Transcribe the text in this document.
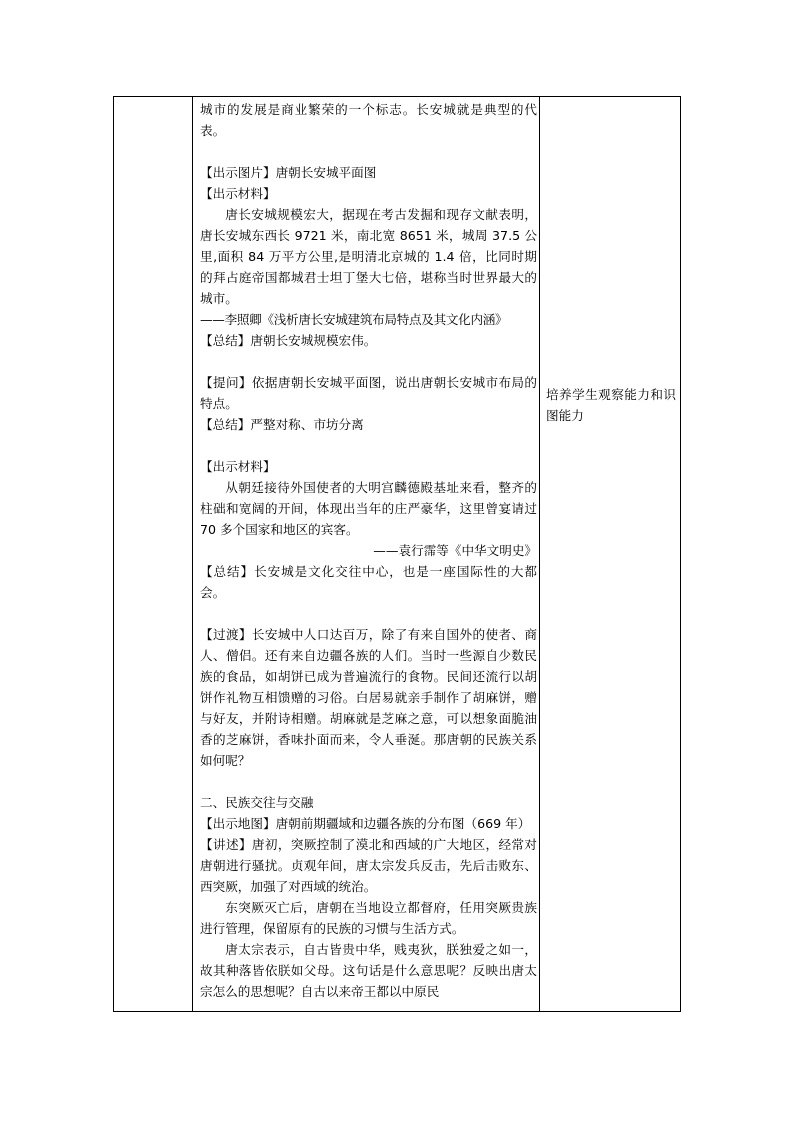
城市的发展是商业繁荣的一个标志。长安城就是典型的代表。

【出示图片】唐朝长安城平面图

【出示材料】

唐长安城规模宏大，据现在考古发掘和现存文献表明，唐长安城东西长 9721 米，南北宽 8651 米，城周 37.5 公里,面积 84 万平方公里,是明清北京城的 1.4 倍，比同时期的拜占庭帝国都城君士坦丁堡大七倍，堪称当时世界最大的城市。

——李照卿《浅析唐长安城建筑布局特点及其文化内涵》

【总结】唐朝长安城规模宏伟。

【提问】依据唐朝长安城平面图，说出唐朝长安城市布局的特点。

【总结】严整对称、市坊分离

【出示材料】

从朝廷接待外国使者的大明宫麟德殿基址来看，整齐的柱础和宽阔的开间，体现出当年的庄严豪华，这里曾宴请过 70 多个国家和地区的宾客。

——袁行霈等《中华文明史》

【总结】长安城是文化交往中心，也是一座国际性的大都会。

【过渡】长安城中人口达百万，除了有来自国外的使者、商人、僧侣。还有来自边疆各族的人们。当时一些源自少数民族的食品，如胡饼已成为普遍流行的食物。民间还流行以胡饼作礼物互相馈赠的习俗。白居易就亲手制作了胡麻饼，赠与好友，并附诗相赠。胡麻就是芝麻之意，可以想象面脆油香的芝麻饼，香味扑面而来，令人垂涎。那唐朝的民族关系如何呢？

二、民族交往与交融

【出示地图】唐朝前期疆域和边疆各族的分布图（669 年）

【讲述】唐初，突厥控制了漠北和西域的广大地区，经常对唐朝进行骚扰。贞观年间，唐太宗发兵反击，先后击败东、西突厥，加强了对西域的统治。

东突厥灭亡后，唐朝在当地设立都督府，任用突厥贵族进行管理，保留原有的民族的习惯与生活方式。

唐太宗表示，自古皆贵中华，贱夷狄，朕独爱之如一，故其种落皆依朕如父母。这句话是什么意思呢？反映出唐太宗怎么的思想呢？自古以来帝王都以中原民

培养学生观察能力和识图能力
